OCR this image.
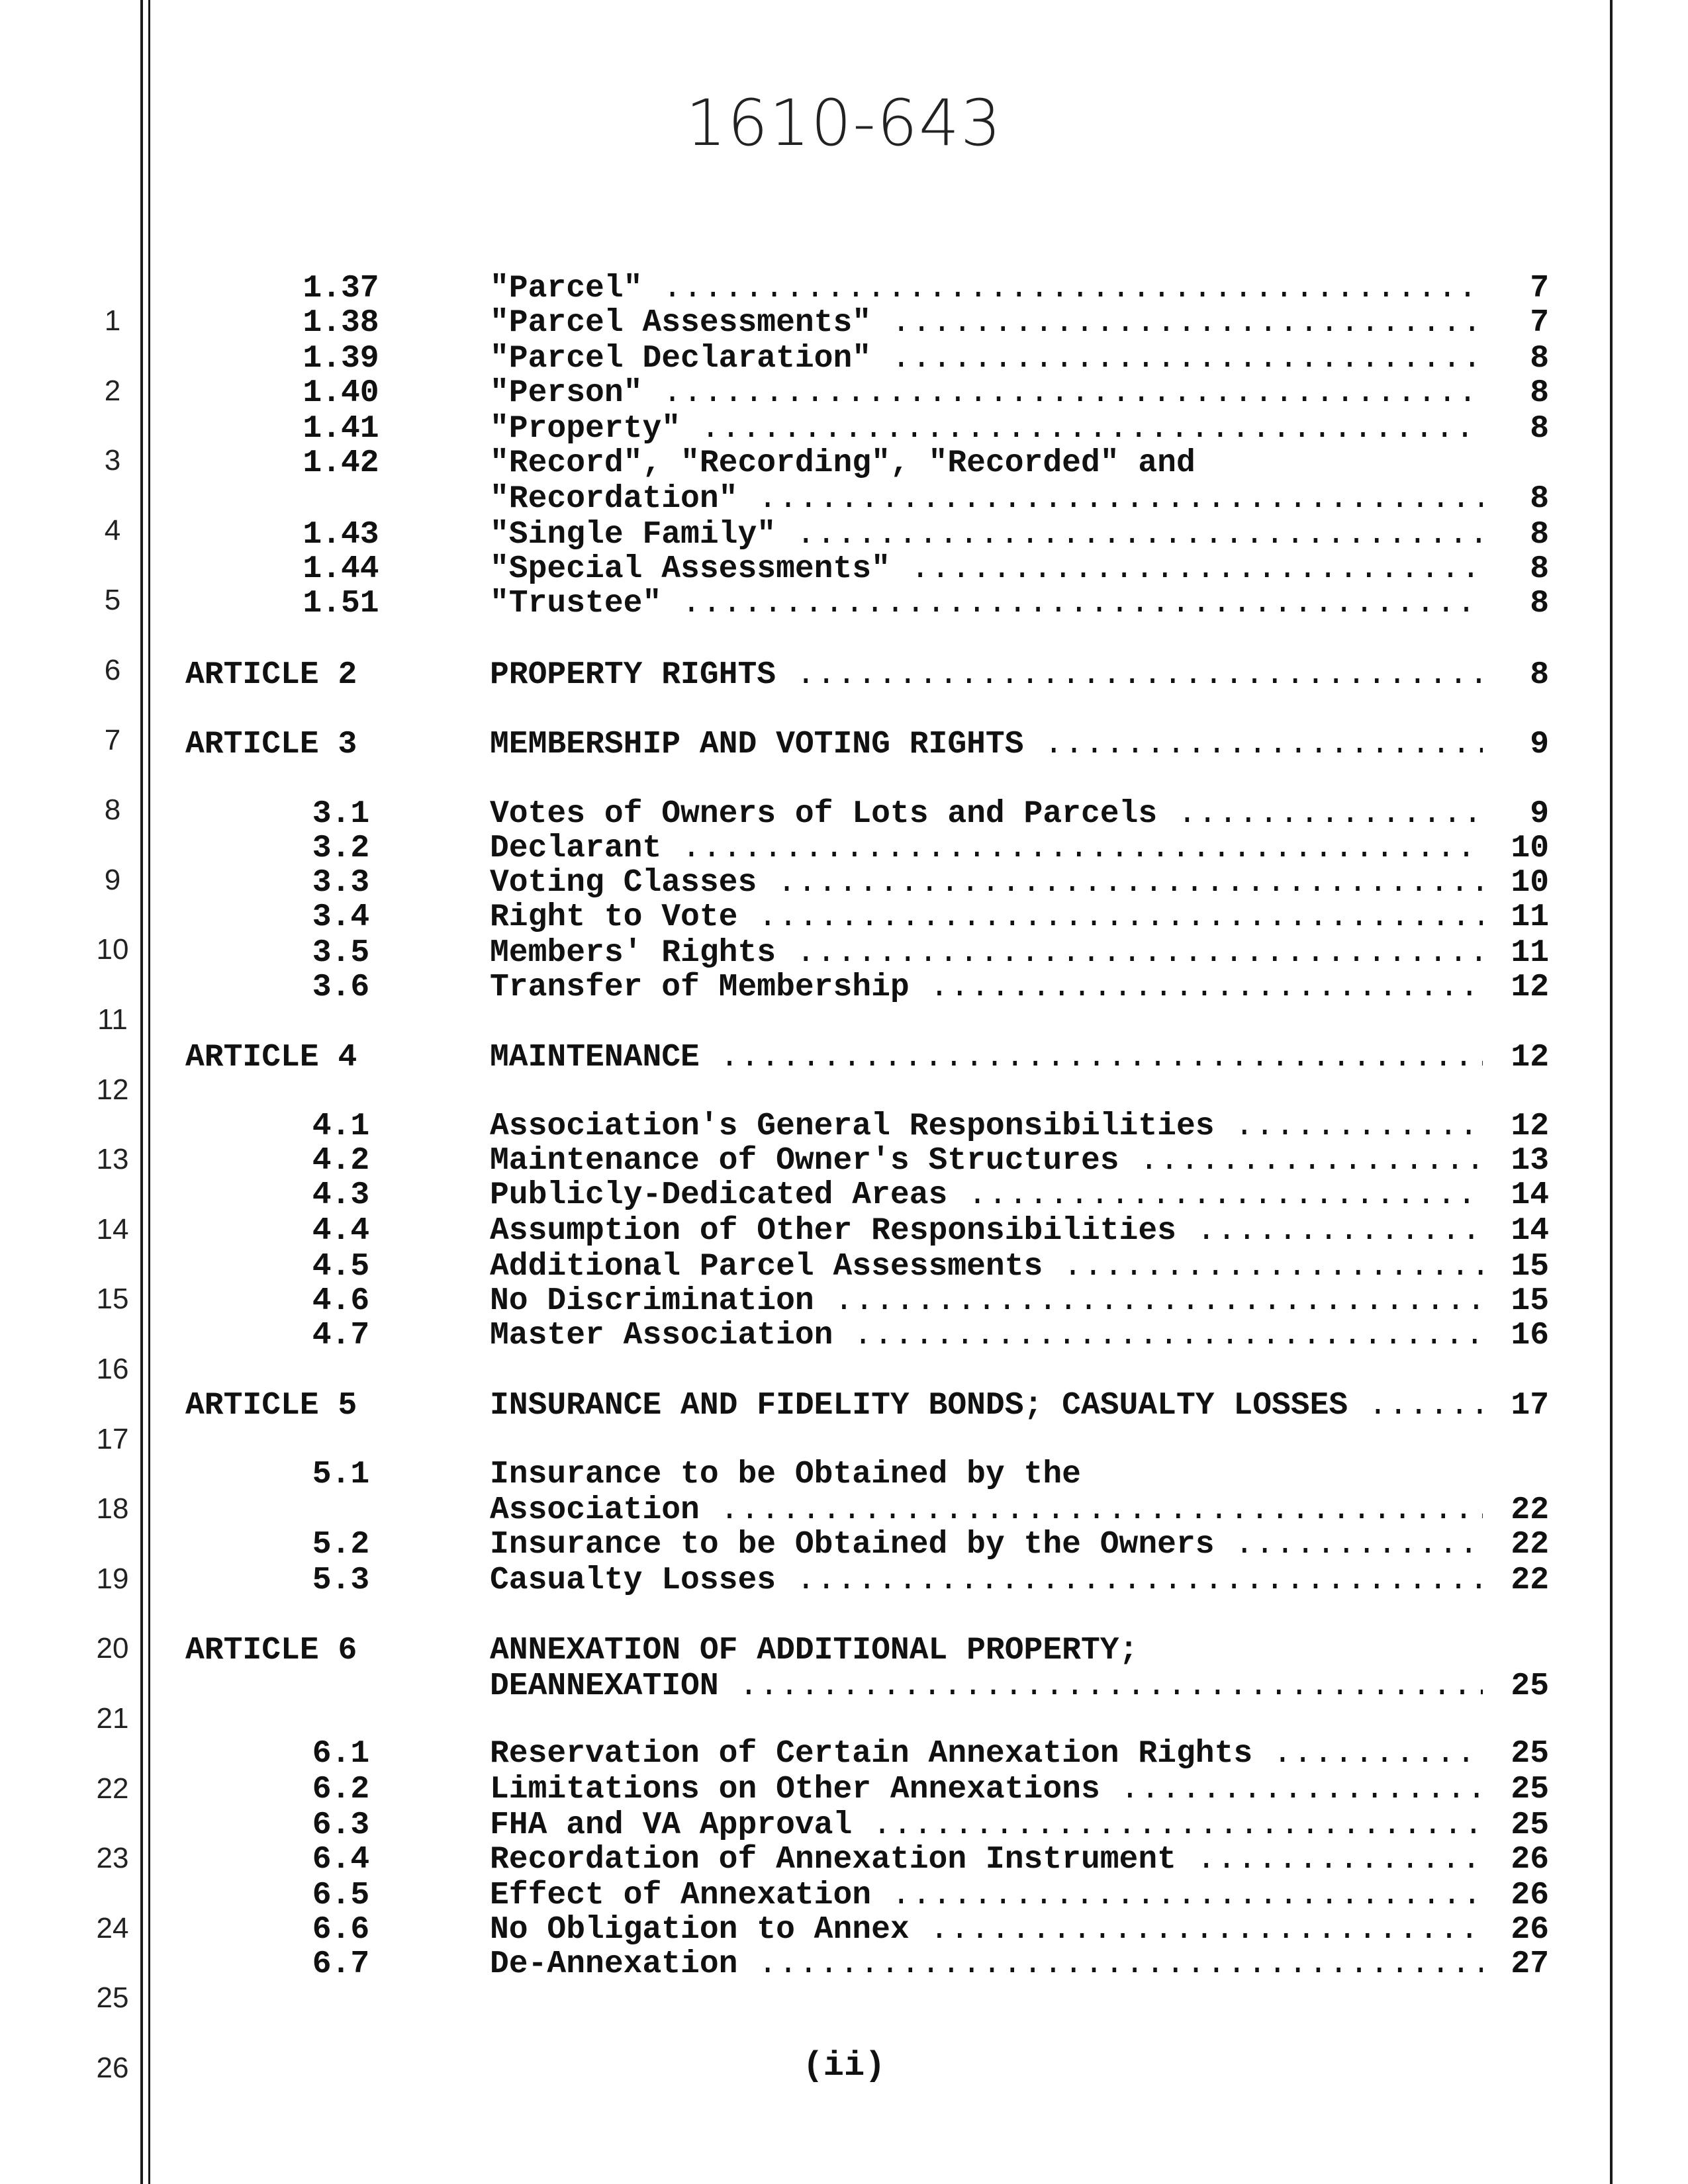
1610-643
1
2
3
4
5
6
7
8
9
10
11
12
13
14
15
16
17
18
19
20
21
22
23
24
25
26
1.37	"Parcel" .....	7
1.38	"Parcel Assessments" .....	7
1.39	"Parcel Declaration" .....	8
1.40	"Person" .....	8
1.41	"Property" .....	8
1.42	"Record", "Recording", "Recorded" and
"Recordation" .....	8
1.43	"Single Family" .....	8
1.44	"Special Assessments" .....	8
1.51	"Trustee" .....	8
ARTICLE 2	PROPERTY RIGHTS .....	8
ARTICLE 3	MEMBERSHIP AND VOTING RIGHTS .....	9
3.1	Votes of Owners of Lots and Parcels .....	9
3.2	Declarant .....	10
3.3	Voting Classes .....	10
3.4	Right to Vote .....	11
3.5	Members' Rights .....	11
3.6	Transfer of Membership .....	12
ARTICLE 4	MAINTENANCE .....	12
4.1	Association's General Responsibilities .....	12
4.2	Maintenance of Owner's Structures .....	13
4.3	Publicly-Dedicated Areas .....	14
4.4	Assumption of Other Responsibilities .....	14
4.5	Additional Parcel Assessments .....	15
4.6	No Discrimination .....	15
4.7	Master Association .....	16
ARTICLE 5	INSURANCE AND FIDELITY BONDS; CASUALTY LOSSES .....	17
5.1	Insurance to be Obtained by the
Association .....	22
5.2	Insurance to be Obtained by the Owners .....	22
5.3	Casualty Losses .....	22
ARTICLE 6	ANNEXATION OF ADDITIONAL PROPERTY;
DEANNEXATION .....	25
6.1	Reservation of Certain Annexation Rights .....	25
6.2	Limitations on Other Annexations .....	25
6.3	FHA and VA Approval .....	25
6.4	Recordation of Annexation Instrument .....	26
6.5	Effect of Annexation .....	26
6.6	No Obligation to Annex .....	26
6.7	De-Annexation .....	27
(ii)
